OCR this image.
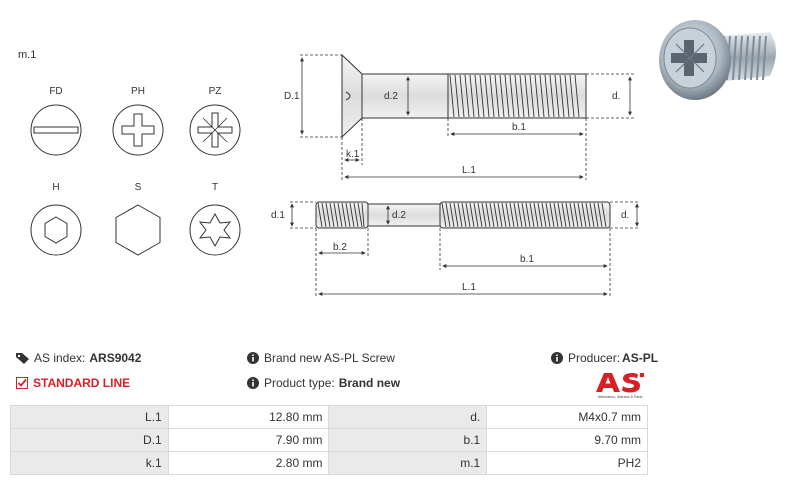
m.1
FD	PH	PZ
H	S	T
D.1	d.2	d.
b.1
k.1
L.1
d.1	d.2	d.
b.2
b.1
L.1
AS index: ARS9042
STANDARD LINE
Brand new AS-PL Screw
Product type: Brand new
Producer: AS-PL
Alternators, Starters & Parts
L.1	12.80 mm	d.	M4x0.7 mm
D.1	7.90 mm	b.1	9.70 mm
k.1	2.80 mm	m.1	PH2
